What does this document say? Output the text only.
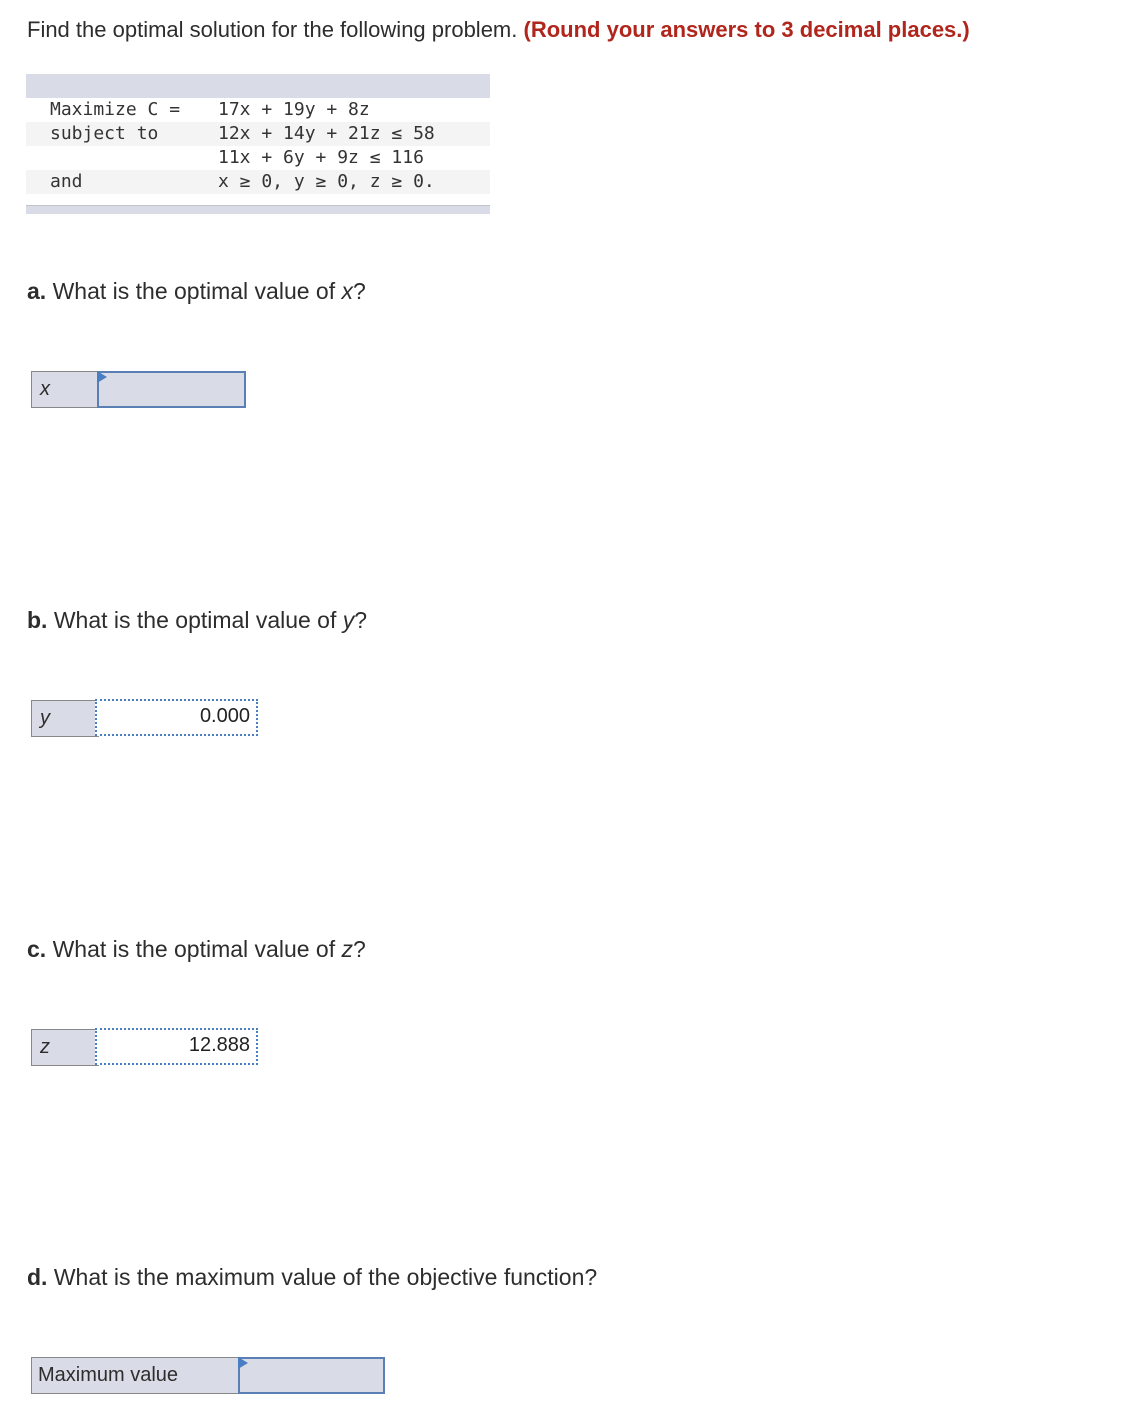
Find the optimal solution for the following problem. (Round your answers to 3 decimal places.)
Maximize C = 17x + 19y + 8z
subject to	12x + 14y + 21z ≤ 58
11x + 6y + 9z ≤ 116
and	x ≥ 0, y ≥ 0, z ≥ 0.
a. What is the optimal value of x?
x
b. What is the optimal value of y?
y	0.000
c. What is the optimal value of z?
z	12.888
d. What is the maximum value of the objective function?
Maximum value
